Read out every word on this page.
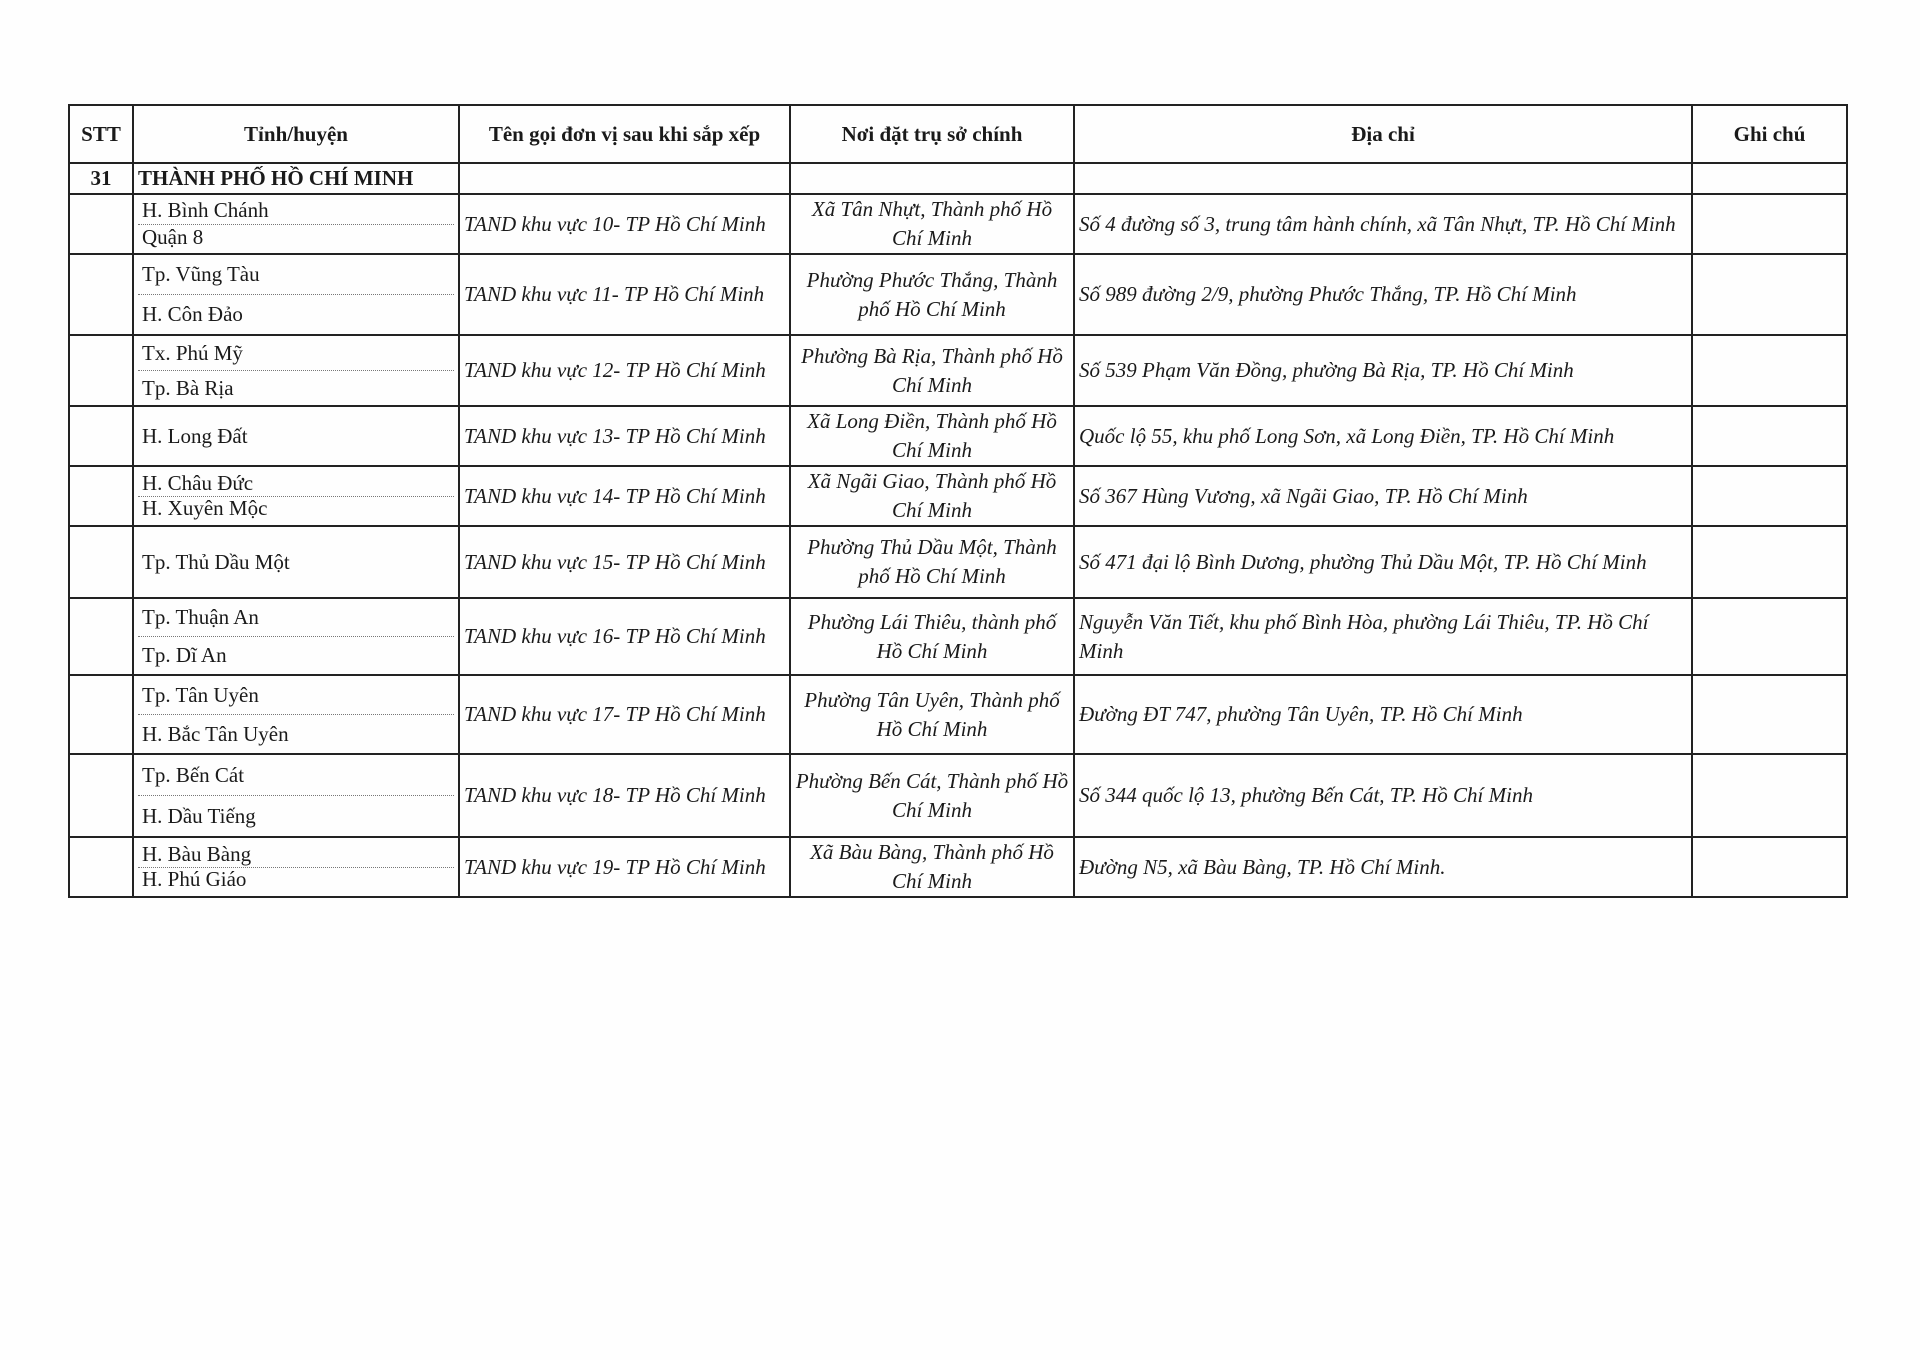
STT	Tỉnh/huyện	Tên gọi đơn vị sau khi sắp xếp	Nơi đặt trụ sở chính	Địa chỉ	Ghi chú
31	THÀNH PHỐ HỒ CHÍ MINH				

H. Bình Chánh
Quận 8	TAND khu vực 10- TP Hồ Chí Minh	Xã Tân Nhựt, Thành phố Hồ Chí Minh	Số 4 đường số 3, trung tâm hành chính, xã Tân Nhựt, TP. Hồ Chí Minh	

Tp. Vũng Tàu
H. Côn Đảo	TAND khu vực 11- TP Hồ Chí Minh	Phường Phước Thắng, Thành phố Hồ Chí Minh	Số 989 đường 2/9, phường Phước Thắng, TP. Hồ Chí Minh	

Tx. Phú Mỹ
Tp. Bà Rịa	TAND khu vực 12- TP Hồ Chí Minh	Phường Bà Rịa, Thành phố Hồ Chí Minh	Số 539 Phạm Văn Đồng, phường Bà Rịa, TP. Hồ Chí Minh	

H. Long Đất	TAND khu vực 13- TP Hồ Chí Minh	Xã Long Điền, Thành phố Hồ Chí Minh	Quốc lộ 55, khu phố Long Sơn, xã Long Điền, TP. Hồ Chí Minh	

H. Châu Đức
H. Xuyên Mộc	TAND khu vực 14- TP Hồ Chí Minh	Xã Ngãi Giao, Thành phố Hồ Chí Minh	Số 367 Hùng Vương, xã Ngãi Giao, TP. Hồ Chí Minh	

Tp. Thủ Dầu Một	TAND khu vực 15- TP Hồ Chí Minh	Phường Thủ Dầu Một, Thành phố Hồ Chí Minh	Số 471 đại lộ Bình Dương, phường Thủ Dầu Một, TP. Hồ Chí Minh	

Tp. Thuận An
Tp. Dĩ An	TAND khu vực 16- TP Hồ Chí Minh	Phường Lái Thiêu, thành phố Hồ Chí Minh	Nguyễn Văn Tiết, khu phố Bình Hòa, phường Lái Thiêu, TP. Hồ Chí Minh	

Tp. Tân Uyên
H. Bắc Tân Uyên	TAND khu vực 17- TP Hồ Chí Minh	Phường Tân Uyên, Thành phố Hồ Chí Minh	Đường ĐT 747, phường Tân Uyên, TP. Hồ Chí Minh	

Tp. Bến Cát
H. Dầu Tiếng	TAND khu vực 18- TP Hồ Chí Minh	Phường Bến Cát, Thành phố Hồ Chí Minh	Số 344 quốc lộ 13, phường Bến Cát, TP. Hồ Chí Minh	

H. Bàu Bàng
H. Phú Giáo	TAND khu vực 19- TP Hồ Chí Minh	Xã Bàu Bàng, Thành phố Hồ Chí Minh	Đường N5, xã Bàu Bàng, TP. Hồ Chí Minh.	
